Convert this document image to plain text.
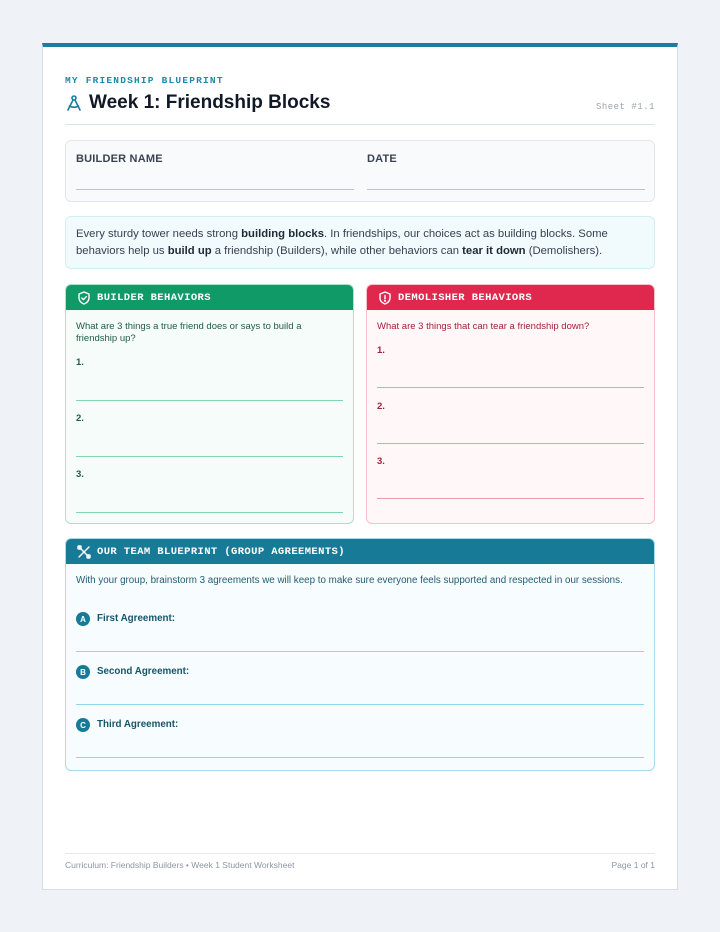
MY FRIENDSHIP BLUEPRINT
Week 1: Friendship Blocks	Sheet #1.1
BUILDER NAME	DATE
Every sturdy tower needs strong building blocks. In friendships, our choices act as building blocks. Some behaviors help us build up a friendship (Builders), while other behaviors can tear it down (Demolishers).
BUILDER BEHAVIORS
What are 3 things a true friend does or says to build a friendship up?
1.
2.
3.
DEMOLISHER BEHAVIORS
What are 3 things that can tear a friendship down?
1.
2.
3.
OUR TEAM BLUEPRINT (GROUP AGREEMENTS)
With your group, brainstorm 3 agreements we will keep to make sure everyone feels supported and respected in our sessions.
A	First Agreement:
B	Second Agreement:
C	Third Agreement:
Curriculum: Friendship Builders • Week 1 Student Worksheet	Page 1 of 1
